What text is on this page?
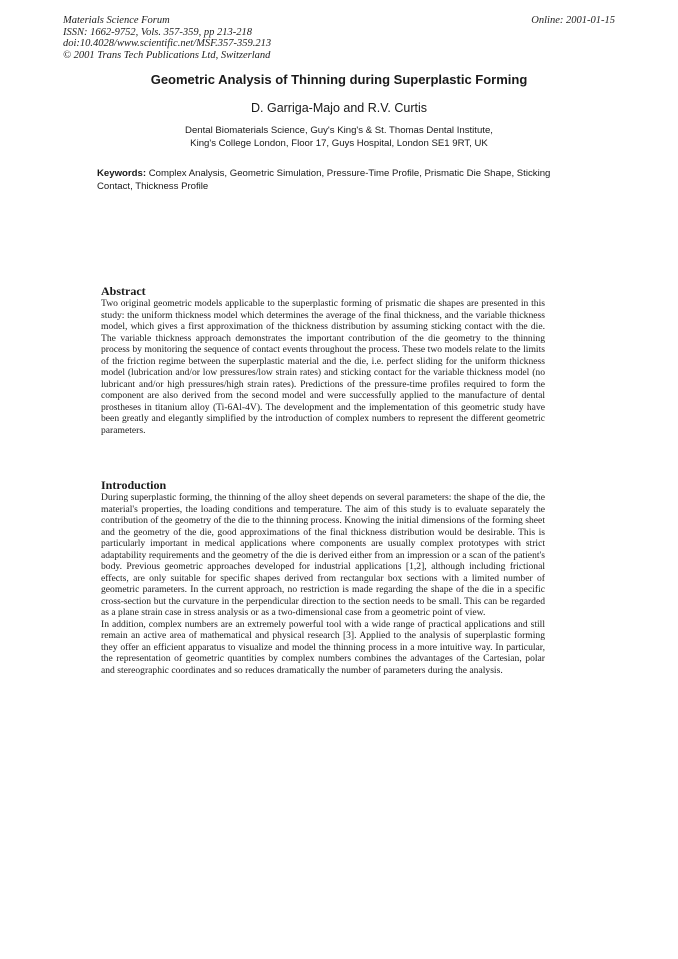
Materials Science Forum
ISSN: 1662-9752, Vols. 357-359, pp 213-218
doi:10.4028/www.scientific.net/MSF.357-359.213
© 2001 Trans Tech Publications Ltd, Switzerland
Online: 2001-01-15
Geometric Analysis of Thinning during Superplastic Forming
D. Garriga-Majo and R.V. Curtis
Dental Biomaterials Science, Guy's King's & St. Thomas Dental Institute,
King's College London, Floor 17, Guys Hospital, London SE1 9RT, UK
Keywords: Complex Analysis, Geometric Simulation, Pressure-Time Profile, Prismatic Die Shape, Sticking Contact, Thickness Profile
Abstract

Two original geometric models applicable to the superplastic forming of prismatic die shapes are presented in this study: the uniform thickness model which determines the average of the final thickness, and the variable thickness model, which gives a first approximation of the thickness distribution by assuming sticking contact with the die. The variable thickness approach demonstrates the important contribution of the die geometry to the thinning process by monitoring the sequence of contact events throughout the process. These two models relate to the limits of the friction regime between the superplastic material and the die, i.e. perfect sliding for the uniform thickness model (lubrication and/or low pressures/low strain rates) and sticking contact for the variable thickness model (no lubricant and/or high pressures/high strain rates). Predictions of the pressure-time profiles required to form the component are also derived from the second model and were successfully applied to the manufacture of dental prostheses in titanium alloy (Ti-6Al-4V). The development and the implementation of this geometric study have been greatly and elegantly simplified by the introduction of complex numbers to represent the different geometric parameters.

Introduction

During superplastic forming, the thinning of the alloy sheet depends on several parameters: the shape of the die, the material's properties, the loading conditions and temperature. The aim of this study is to evaluate separately the contribution of the geometry of the die to the thinning process. Knowing the initial dimensions of the forming sheet and the geometry of the die, good approximations of the final thickness distribution would be desirable. This is particularly important in medical applications where components are usually complex prototypes with strict adaptability requirements and the geometry of the die is derived either from an impression or a scan of the patient's body. Previous geometric approaches developed for industrial applications [1,2], although including frictional effects, are only suitable for specific shapes derived from rectangular box sections with a limited number of geometric parameters. In the current approach, no restriction is made regarding the shape of the die in a specific cross-section but the curvature in the perpendicular direction to the section needs to be small. This can be regarded as a plane strain case in stress analysis or as a two-dimensional case from a geometric point of view.

In addition, complex numbers are an extremely powerful tool with a wide range of practical applications and still remain an active area of mathematical and physical research [3]. Applied to the analysis of superplastic forming they offer an efficient apparatus to visualize and model the thinning process in a more intuitive way. In particular, the representation of geometric quantities by complex numbers combines the advantages of the Cartesian, polar and stereographic coordinates and so reduces dramatically the number of parameters during the analysis.
